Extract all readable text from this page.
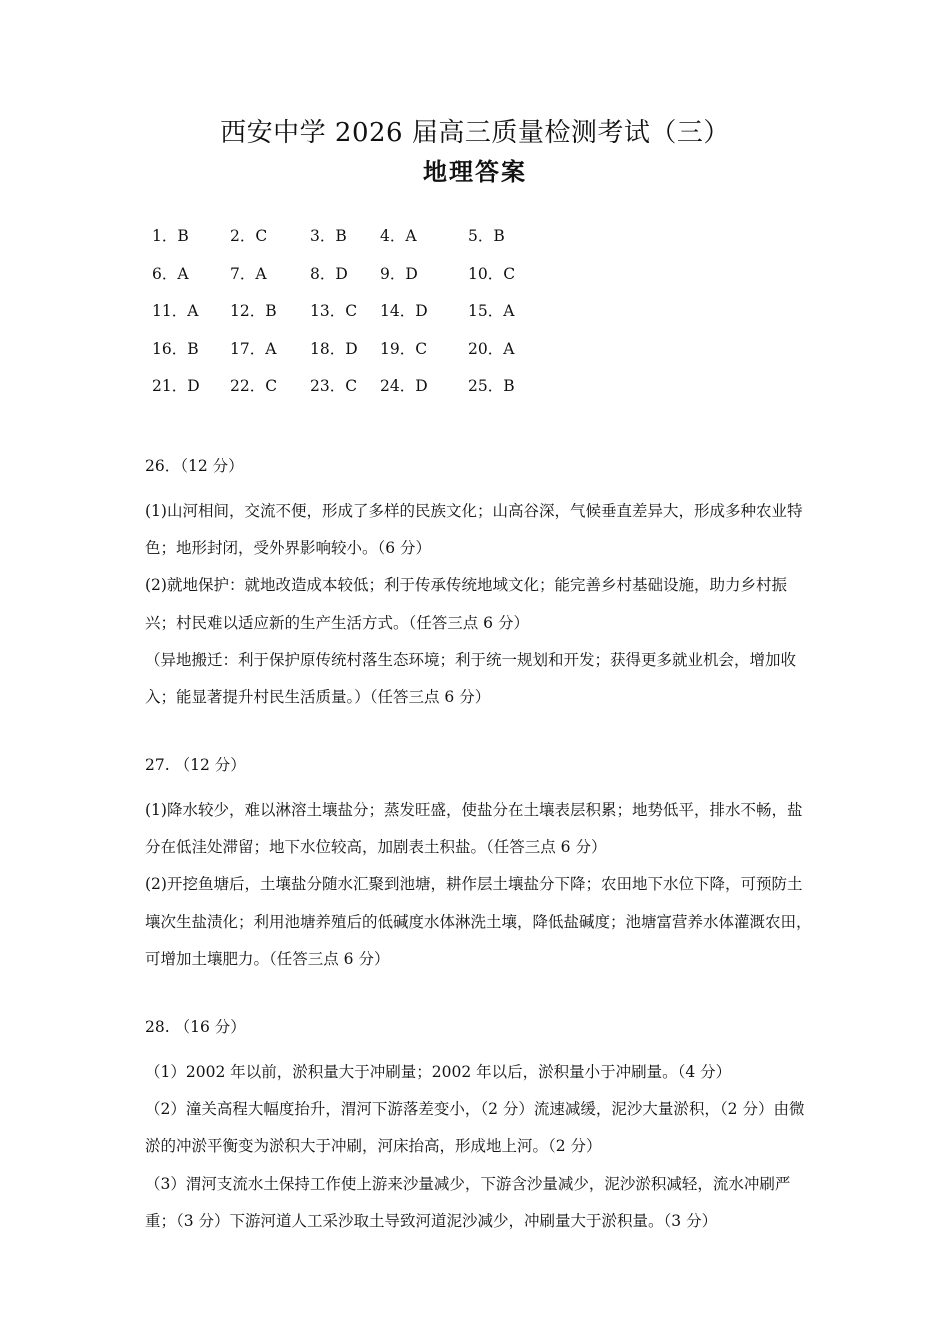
西安中学 2026 届高三质量检测考试（三）
地理答案
1．B	2．C	3．B 4．A	5．B
6．A	7．A	8．D 9．D	10．C
11．A 12．B 13．C 14．D	15．A
16．B 17．A 18．D 19．C	20．A
21．D 22．C 23．C 24．D	25．B
26．（12 分）

(1)山河相间，交流不便，形成了多样的民族文化；山高谷深，气候垂直差异大，形成多种农业特色；地形封闭，受外界影响较小。（6 分）

(2)就地保护：就地改造成本较低；利于传承传统地域文化；能完善乡村基础设施，助力乡村振兴；村民难以适应新的生产生活方式。（任答三点 6 分）

（异地搬迁：利于保护原传统村落生态环境；利于统一规划和开发；获得更多就业机会，增加收入；能显著提升村民生活质量。）（任答三点 6 分）

27. （12 分）

(1)降水较少，难以淋溶土壤盐分；蒸发旺盛，使盐分在土壤表层积累；地势低平，排水不畅，盐分在低洼处滞留；地下水位较高，加剧表土积盐。（任答三点 6 分）

(2)开挖鱼塘后，土壤盐分随水汇聚到池塘，耕作层土壤盐分下降；农田地下水位下降，可预防土壤次生盐渍化；利用池塘养殖后的低碱度水体淋洗土壤，降低盐碱度；池塘富营养水体灌溉农田，可增加土壤肥力。（任答三点 6 分）

28. （16 分）

（1）2002 年以前，淤积量大于冲刷量；2002 年以后，淤积量小于冲刷量。（4 分）

（2）潼关高程大幅度抬升，渭河下游落差变小，（2 分）流速减缓，泥沙大量淤积，（2 分）由微淤的冲淤平衡变为淤积大于冲刷，河床抬高，形成地上河。（2 分）

（3）渭河支流水土保持工作使上游来沙量减少，下游含沙量减少，泥沙淤积减轻，流水冲刷严重；（3 分）下游河道人工采沙取土导致河道泥沙减少，冲刷量大于淤积量。（3 分）
